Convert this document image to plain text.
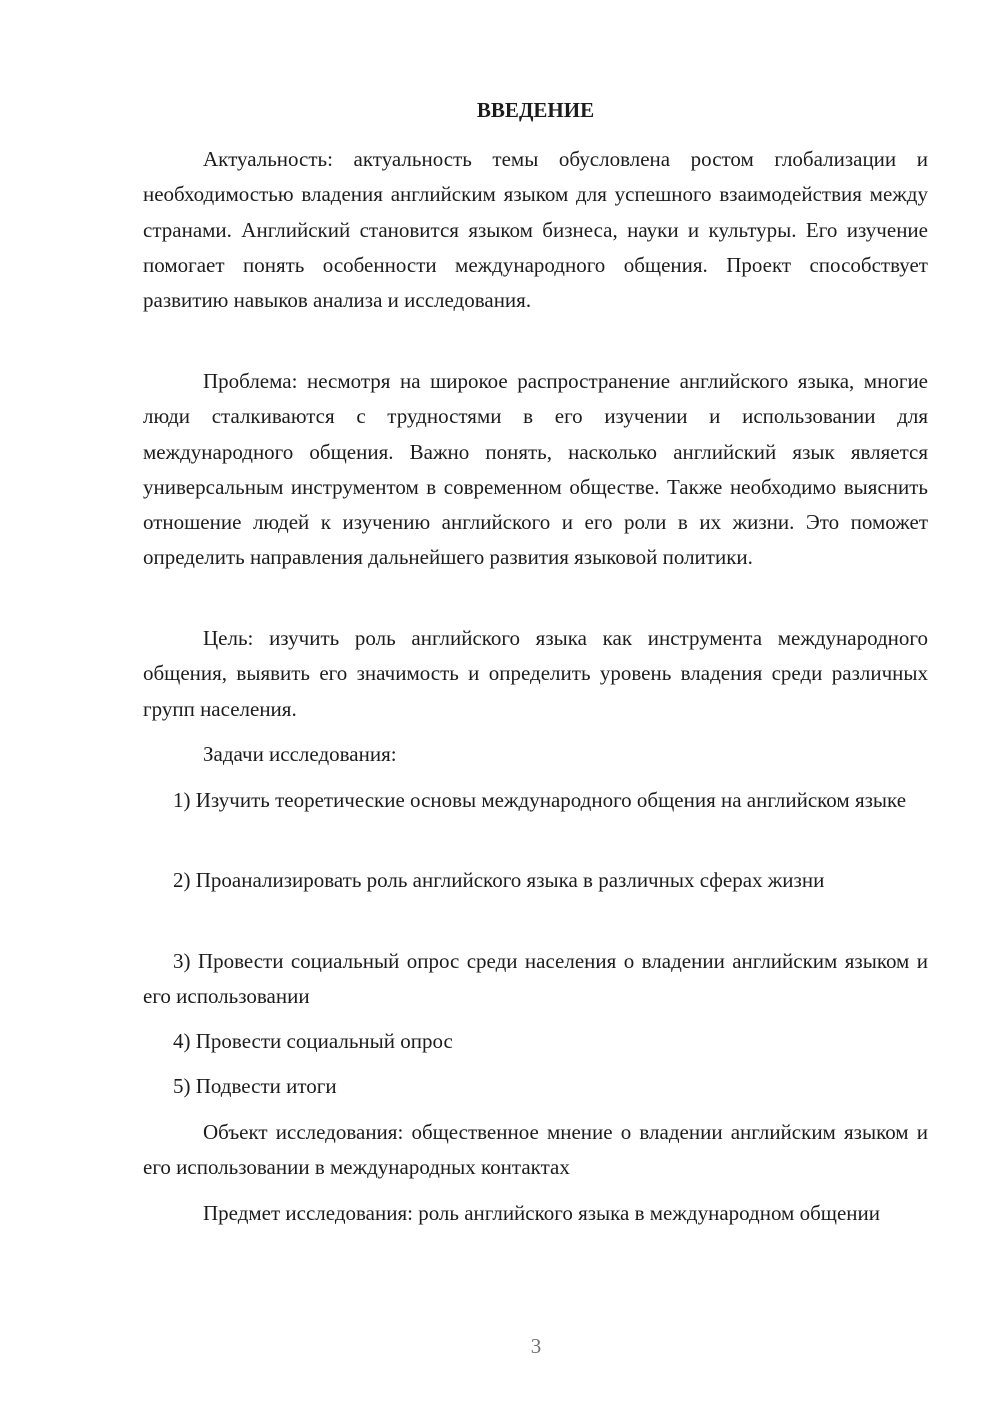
ВВЕДЕНИЕ

Актуальность: актуальность темы обусловлена ростом глобализации и необходимостью владения английским языком для успешного взаимодействия между странами. Английский становится языком бизнеса, науки и культуры. Его изучение помогает понять особенности международного общения. Проект способствует развитию навыков анализа и исследования.

Проблема: несмотря на широкое распространение английского языка, многие люди сталкиваются с трудностями в его изучении и использовании для международного общения. Важно понять, насколько английский язык является универсальным инструментом в современном обществе. Также необходимо выяснить отношение людей к изучению английского и его роли в их жизни. Это поможет определить направления дальнейшего развития языковой политики.

Цель: изучить роль английского языка как инструмента международного общения, выявить его значимость и определить уровень владения среди различных групп населения.

Задачи исследования:

1) Изучить теоретические основы международного общения на английском языке

2) Проанализировать роль английского языка в различных сферах жизни

3) Провести социальный опрос среди населения о владении английским языком и его использовании

4) Провести социальный опрос

5) Подвести итоги

Объект исследования: общественное мнение о владении английским языком и его использовании в международных контактах

Предмет исследования: роль английского языка в международном общении

3
